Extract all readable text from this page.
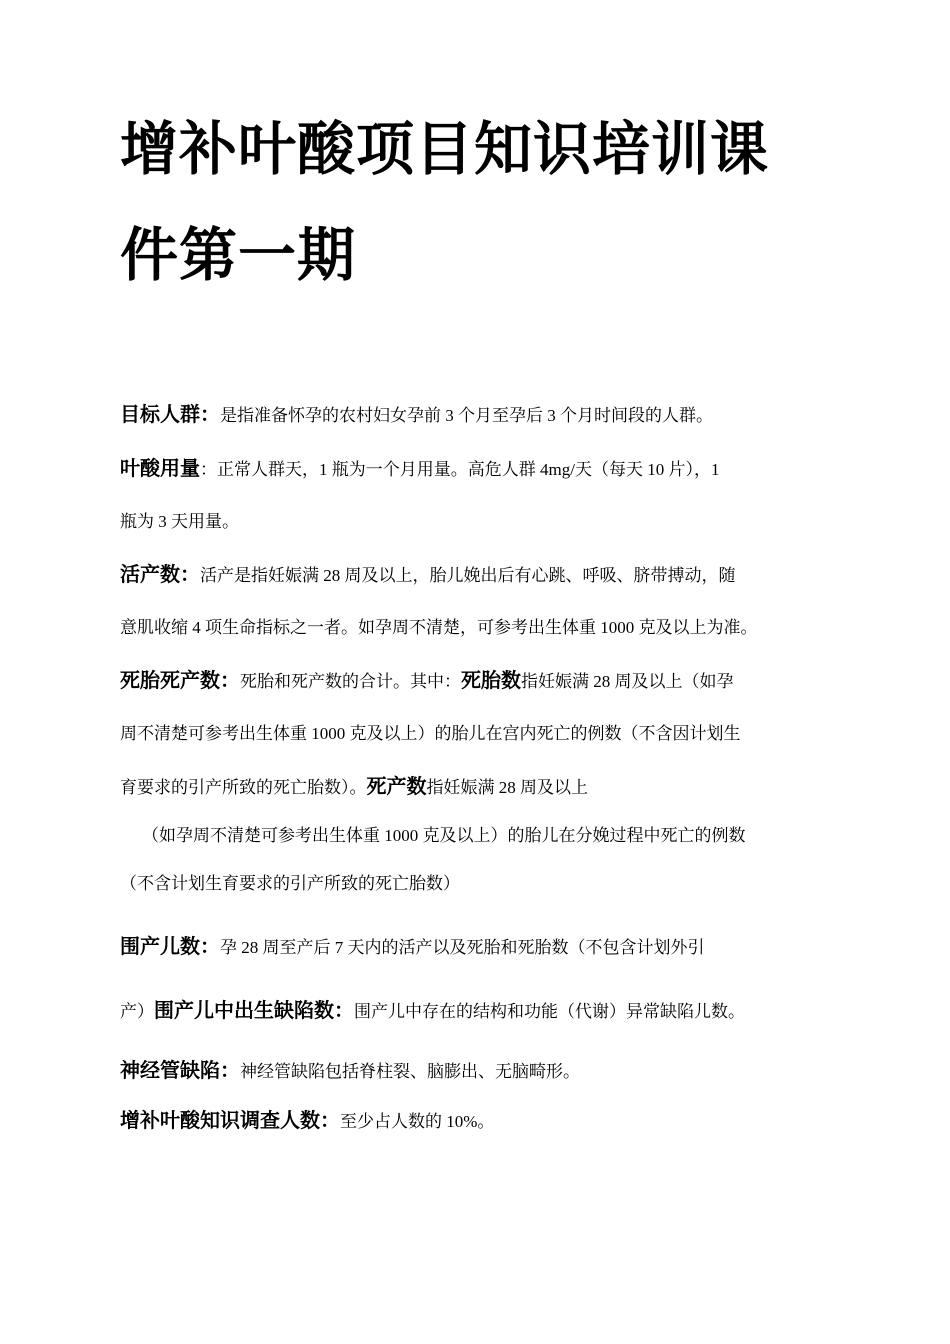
增补叶酸项目知识培训课
件第一期

目标人群：是指准备怀孕的农村妇女孕前 3 个月至孕后 3 个月时间段的人群。

叶酸用量：正常人群天，1 瓶为一个月用量。高危人群 4mg/天（每天 10 片），1
瓶为 3 天用量。

活产数：活产是指妊娠满 28 周及以上，胎儿娩出后有心跳、呼吸、脐带搏动，随
意肌收缩 4 项生命指标之一者。如孕周不清楚，可参考出生体重 1000 克及以上为准。

死胎死产数：死胎和死产数的合计。其中：死胎数指妊娠满 28 周及以上（如孕
周不清楚可参考出生体重 1000 克及以上）的胎儿在宫内死亡的例数（不含因计划生
育要求的引产所致的死亡胎数）。死产数指妊娠满 28 周及以上
（如孕周不清楚可参考出生体重 1000 克及以上）的胎儿在分娩过程中死亡的例数
（不含计划生育要求的引产所致的死亡胎数）

围产儿数：孕 28 周至产后 7 天内的活产以及死胎和死胎数（不包含计划外引
产）围产儿中出生缺陷数：围产儿中存在的结构和功能（代谢）异常缺陷儿数。

神经管缺陷：神经管缺陷包括脊柱裂、脑膨出、无脑畸形。

增补叶酸知识调查人数：至少占人数的 10%。
